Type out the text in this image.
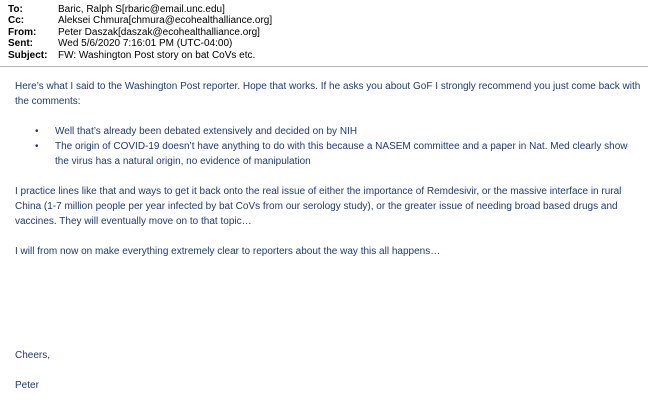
To:	Baric, Ralph S[rbaric@email.unc.edu]
Cc:	Aleksei Chmura[chmura@ecohealthalliance.org]
From:	Peter Daszak[daszak@ecohealthalliance.org]
Sent:	Wed 5/6/2020 7:16:01 PM (UTC-04:00)
Subject:	FW: Washington Post story on bat CoVs etc.

Here’s what I said to the Washington Post reporter. Hope that works. If he asks you about GoF I strongly recommend you just come back with the comments:

• Well that’s already been debated extensively and decided on by NIH
• The origin of COVID-19 doesn’t have anything to do with this because a NASEM committee and a paper in Nat. Med clearly show the virus has a natural origin, no evidence of manipulation

I practice lines like that and ways to get it back onto the real issue of either the importance of Remdesivir, or the massive interface in rural China (1-7 million people per year infected by bat CoVs from our serology study), or the greater issue of needing broad based drugs and vaccines. They will eventually move on to that topic…

I will from now on make everything extremely clear to reporters about the way this all happens…

Cheers,

Peter
